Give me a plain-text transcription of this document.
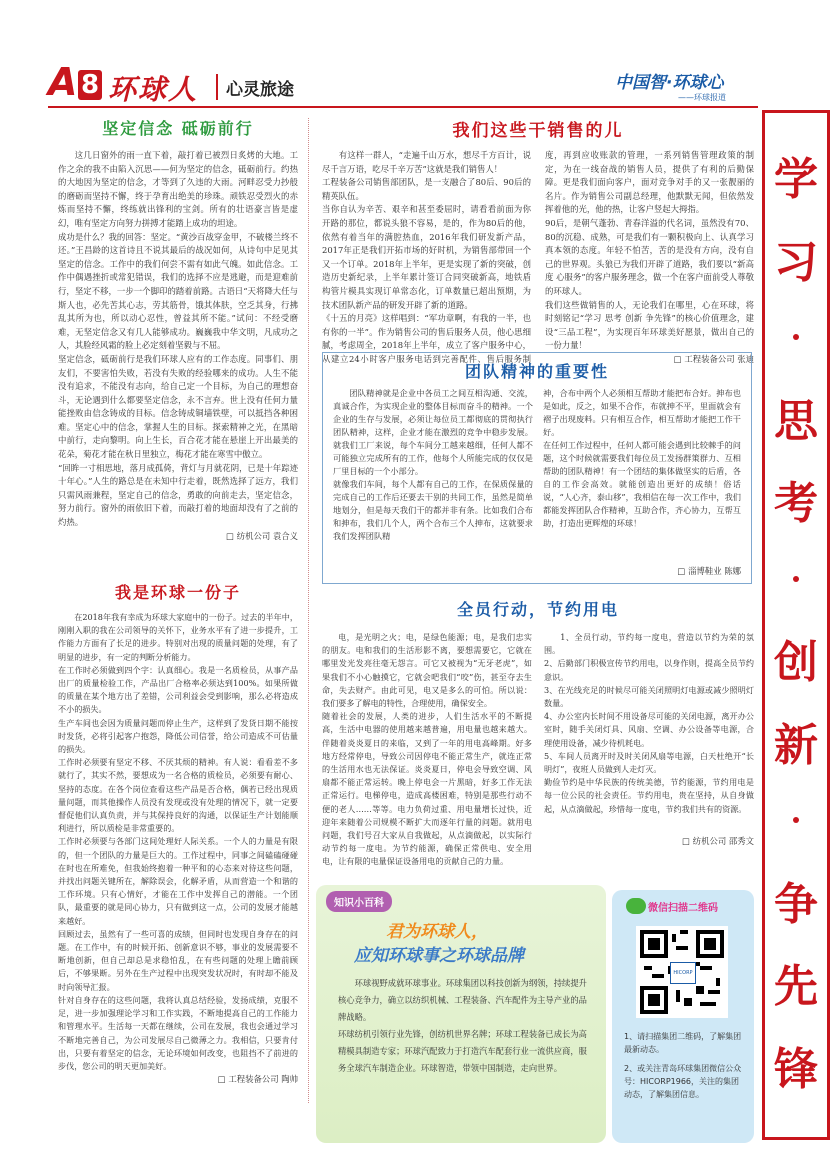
A 8 环球人 心灵旅途	中国智·环球心
——环球报道
学
习
思
考
创
新
争
先
锋
坚定信念 砥砺前行
这几日窗外的雨一直下着，敲打着已被烈日炙烤的大地。工作之余的我不由陷入沉思——何为坚定的信念，砥砺前行。约热的大地因为坚定的信念，才等到了久违的大雨。河畔忍受力抄般的磨砺而坚持不懈，终于孕育出绝美的珍珠。顽铁忍受烈火的赤炼而坚持不懈，终练就出锋利的宝剑。所有的壮语豪言皆是虚幻，唯有坚定方向努力拼搏才能踏上成功的坦途。
成功是什么？我的回答：坚定。“黄沙百战穿金甲，不破楼兰终不还。”王昌龄的这首诗且不说其最后的战况如何，从诗句中足见其坚定的信念。工作中的我们何尝不需有如此气魄。如此信念。工作中偶遇挫折或常犯错误，我们的选择不应是逃避，而是迎难前行，坚定不移，一步一个脚印的踏着前路。古语日“天将降大任与斯人也，必先苦其心志，劳其筋骨，饿其体肤，空乏其身，行拂乱其所为也，所以动心忍性，曾益其所不能。”试问：不经受磨难，无坚定信念又有几人能够成功。巍巍我中华文明，凡成功之人，其脸经风霜的脸上必定刻着坚毅与不屈。
坚定信念，砥砺前行是我们环球人应有的工作态度。同事们、朋友们，不要害怕失败，若没有失败的经验哪来的成功。人生不能没有追求，不能没有志向，给自己定一个目标，为自己的理想奋斗，无论遇到什么都要坚定信念，永不言弃。世上没有任何力量能挫败由信念铸成的目标。信念铸成铜墙铁壁，可以抵挡各种困难。坚定心中的信念，掌握人生的目标。探索精神之光，在黑暗中前行，走向黎明。向上生长，百合花才能在悬崖上开出最美的花朵，菊花才能在秋日里独立，梅花才能在寒雪中傲立。
“回眸一寸相思地，落月成孤倚，背灯与月就花阴，已是十年踪迹十年心。”人生的路总是在未知中行走着，既然选择了远方，我们只需风雨兼程，坚定自己的信念，勇敢的向前走去，坚定信念，努力前行。窗外的雨依旧下着，而敲打着的地面却没有了之前的灼热。
□ 纺机公司 袁合义
我是环球一份子
在2018年我有幸成为环球大家庭中的一份子。过去的半年中，刚刚入职的我在公司领导的关怀下，业务水平有了进一步提升，工作能力方面有了长足的进步。特别对出现的质量问题的处理，有了明显的进步，有一定的判断分析能力。
在工作时必须做到四个字：认真细心。我是一名质检员，从事产品出厂的质量检验工作，产品出厂合格率必须达到100%。如果所做的质量在某个地方出了差错，公司利益会受到影响，那么必将造成不小的损失。
生产车间也会因为质量问题而停止生产，这样到了发货日期不能按时发货，必将引起客户抱怨，降低公司信誉，给公司造成不可估量的损失。
工作时必须要有坚定不移、不厌其烦的精神。有人说：看看差不多就行了，其实不然，要想成为一名合格的质检员，必须要有耐心、坚持的态度。在各个岗位查看这些产品是否合格，偶若已经出现质量问题，而其他操作人员没有发现或没有处理的情况下，就一定要督促他们认真负责，并与其保持良好的沟通，以保证生产计划能顺利进行，所以质检是非常重要的。
工作时必须要与各部门这间处理好人际关系。一个人的力量是有限的，但一个团队的力量是巨大的。工作过程中，同事之间磕磕碰碰在时也在所难免，但我始终抱着一种平和的心态来对待这些问题，并找出问题关键所在，解除误会，化解矛盾，从而营造一个和谐的工作环境。只有心情好，才能在工作中发挥自己的潜能。一个团队，最重要的就是同心协力，只有做到这一点，公司的发展才能越来越好。
回顾过去，虽然有了一些可喜的成绩，但同时也发现自身存在的问题。在工作中，有的时候开拓、创新意识不够，事业的发展需要不断地创新，但自己却总是求稳怕乱，在有些问题的处理上瞻前顾后，不够果断。另外在生产过程中出现突发状况时，有时却不能及时向领导汇报。
针对自身存在的这些问题，我将认真总结经验，发扬成绩，克服不足，进一步加强理论学习和工作实践，不断地提高自己的工作能力和管理水平。生活每一天都在继续，公司在发展，我也会通过学习不断地完善自己，为公司发展尽自己微薄之力。我相信，只要肯付出，只要有着坚定的信念，无论环境如何改变，也阻挡不了前进的步伐，您公司的明天更加美好。
□ 工程装备公司 陶帅
我们这些干销售的儿
有这样一群人，“走遍千山万水，想尽千方百计，说尽千言万语，吃尽千辛万苦”这就是我们销售人！
工程装备公司销售部团队，是一支融合了80后、90后的精英队伍。
当你自认为辛苦、艰辛和甚至委屈时，请看看前面为你开路的那位，都说头狼不容易，是的，作为80后的他，依然有着当年的满腔热血，2016年我们研发新产品，2017年正是我们开拓市场的好时机，为销售部带回一个又一个订单。2018年上半年，更是实现了新的突破，创造历史新纪录，上半年累计签订合同突破新高，地铁盾构管片模具实现订单常态化，订单数量已超出预期，为技术团队新产品的研发开辟了新的道路。
《十五的月亮》这样唱到：“军功章啊，有我的一半，也有你的一半”。作为销售公司的售后服务人员，他心思细腻，考虑周全，2018年上半年，成立了客户服务中心，从建立24小时客户服务电话到完善配件、售后服务制度，再到应收账款的管理，一系列销售管理政策的制定，为在一线奋战的销售人员，提供了有利的后勤保障。更是我们面向客户，面对竞争对手的又一张靓丽的名片。作为销售公司副总经理，他默默无闻，但依然发挥着他的光，他的热，让客户竖起大拇指。
90后，是朝气蓬勃、青春洋溢的代名词，虽然没有70、80的沉稳、成熟，可是我们有一颗积极向上、认真学习真本领的态度。年轻不怕苦，苦的是没有方向，没有自己的世界观。头狼已为我们开辟了道路，我们要以“新高度 心服务”的客户服务理念，做一个在客户面前受人尊敬的环球人。
我们这些做销售的人，无论我们在哪里，心在环球，将时刻铭记“学习 思考 创新 争先锋”的核心价值理念，建设“三品工程”，为实现百年环球美好愿景，做出自己的一份力量！
□ 工程装备公司 张迪
团队精神的重要性
团队精神就是企业中各员工之间互相沟通、交流，真诚合作，为实现企业的整体目标而奋斗的精神。一个企业的生存与发展，必须让每位员工都彻底的贯彻执行团队精神，这样，企业才能在激烈的竞争中稳步发展。就我们工厂来说，每个车间分工越来越细，任何人都不可能独立完成所有的工作，他每个人所能完成的仅仅是厂里目标的一个小部分。
就像我们车间，每个人都有自己的工作，在保质保量的完成自己的工作后还要去干别的共同工作，虽然是简单地划分，但是每天我们干的都并非有条。比如我们合布和抻布，我们几个人，两个合布三个人抻布，这就要求我们发挥团队精
神，合布中两个人必须相互帮助才能把布合好。抻布也是如此，反之，如果不合作，布就抻不平，里面就会有褶子出现废料。只有相互合作，相互帮助才能把工作干好。
在任何工作过程中，任何人都可能会遇到比较棘手的问题，这个时候就需要我们每位员工发扬群策群力、互相帮助的团队精神！有一个团结的集体做坚实的后盾，各自的工作会高效。就能创造出更好的成绩！俗话说，“人心齐，泰山移”，我相信在每一次工作中，我们都能发挥团队合作精神，互助合作，齐心协力，互帮互助，打造出更辉煌的环球！
□ 淄博鞋业 陈娜
全员行动，节约用电
电，是光明之火；电，是绿色能源；电，是我们忠实的朋友。电和我们的生活形影不离，要想需要它，它就在哪里发光发亮往毫无怨言。可它又被视为“无牙老虎”，如果我们不小心触摸它，它就会吧我们“咬”伤，甚至夺去生命，失去财产。由此可见，电又是多么的可怕。所以说：我们要多了解电的特性，合理使用，确保安全。
随着社会的发展，人类的进步，人们生活水平的不断提高，生活中电器的使用越来越普遍，用电量也越来越大。伴随着炎炎夏日的来临，又到了一年的用电高峰期。好多地方经常停电，导致公司因停电不能正常生产，就连正常的生活用水也无法保证。炎炎夏日，停电会导致空调、风扇都不能正常运转。晚上停电会一片黑暗，好多工作无法正常运行。电梯停电，造成高楼困难，特别是那些行动不便的老人……等等。电力负荷过重、用电量增长过快，近迎年来随着公司规模不断扩大而逐年行量的问题。就用电问题，我们号召大家从自我做起，从点滴做起，以实际行动节约每一度电。为节约能源，确保正常供电、安全用电，让有限的电量保证设备用电的贡献自己的力量。
1、全员行动，节约每一度电，营造以节约为荣的氛围。
2、后勤部门积极宣传节约用电，以身作则，提高全员节约意识。
3、在光线充足的时候尽可能关闭照明灯电源或减少照明灯数量。
4、办公室内长时间不用设备尽可能的关闭电源，离开办公室时，随手关闭灯具、风扇、空调、办公设备等电源，合理使用设备，减少待机耗电。
5、车间人员离开时及时关闭风扇等电源，白天杜绝开“长明灯”，夜班人员做到人走灯灭。
勤俭节约是中华民族的传统美德，节约能源，节约用电是每一位公民的社会责任。节约用电，贵在坚持，从自身做起，从点滴做起，珍惜每一度电，节约我们共有的资源。
□ 纺机公司 邵秀文
知识小百科
君为环球人，
应知环球事之环球品牌
环球视野成就环球事业。环球集团以科技创新为纲领，持续提升核心竞争力，确立以纺织机械、工程装备、汽车配件为主导产业的品牌战略。
环球纺机引领行业先锋，创纺机世界名牌；环球工程装备已成长为高精模具制造专家；环球汽配致力于打造汽车配套行业一流供应商，服务全球汽车制造企业。环球智造，带领中国制造，走向世界。
微信扫描二维码
HICORP
1、请扫描集团二维码，了解集团最新动态。
2、或关注青岛环球集团微信公众号：HICORP1966，关注的集团动态，了解集团信息。
